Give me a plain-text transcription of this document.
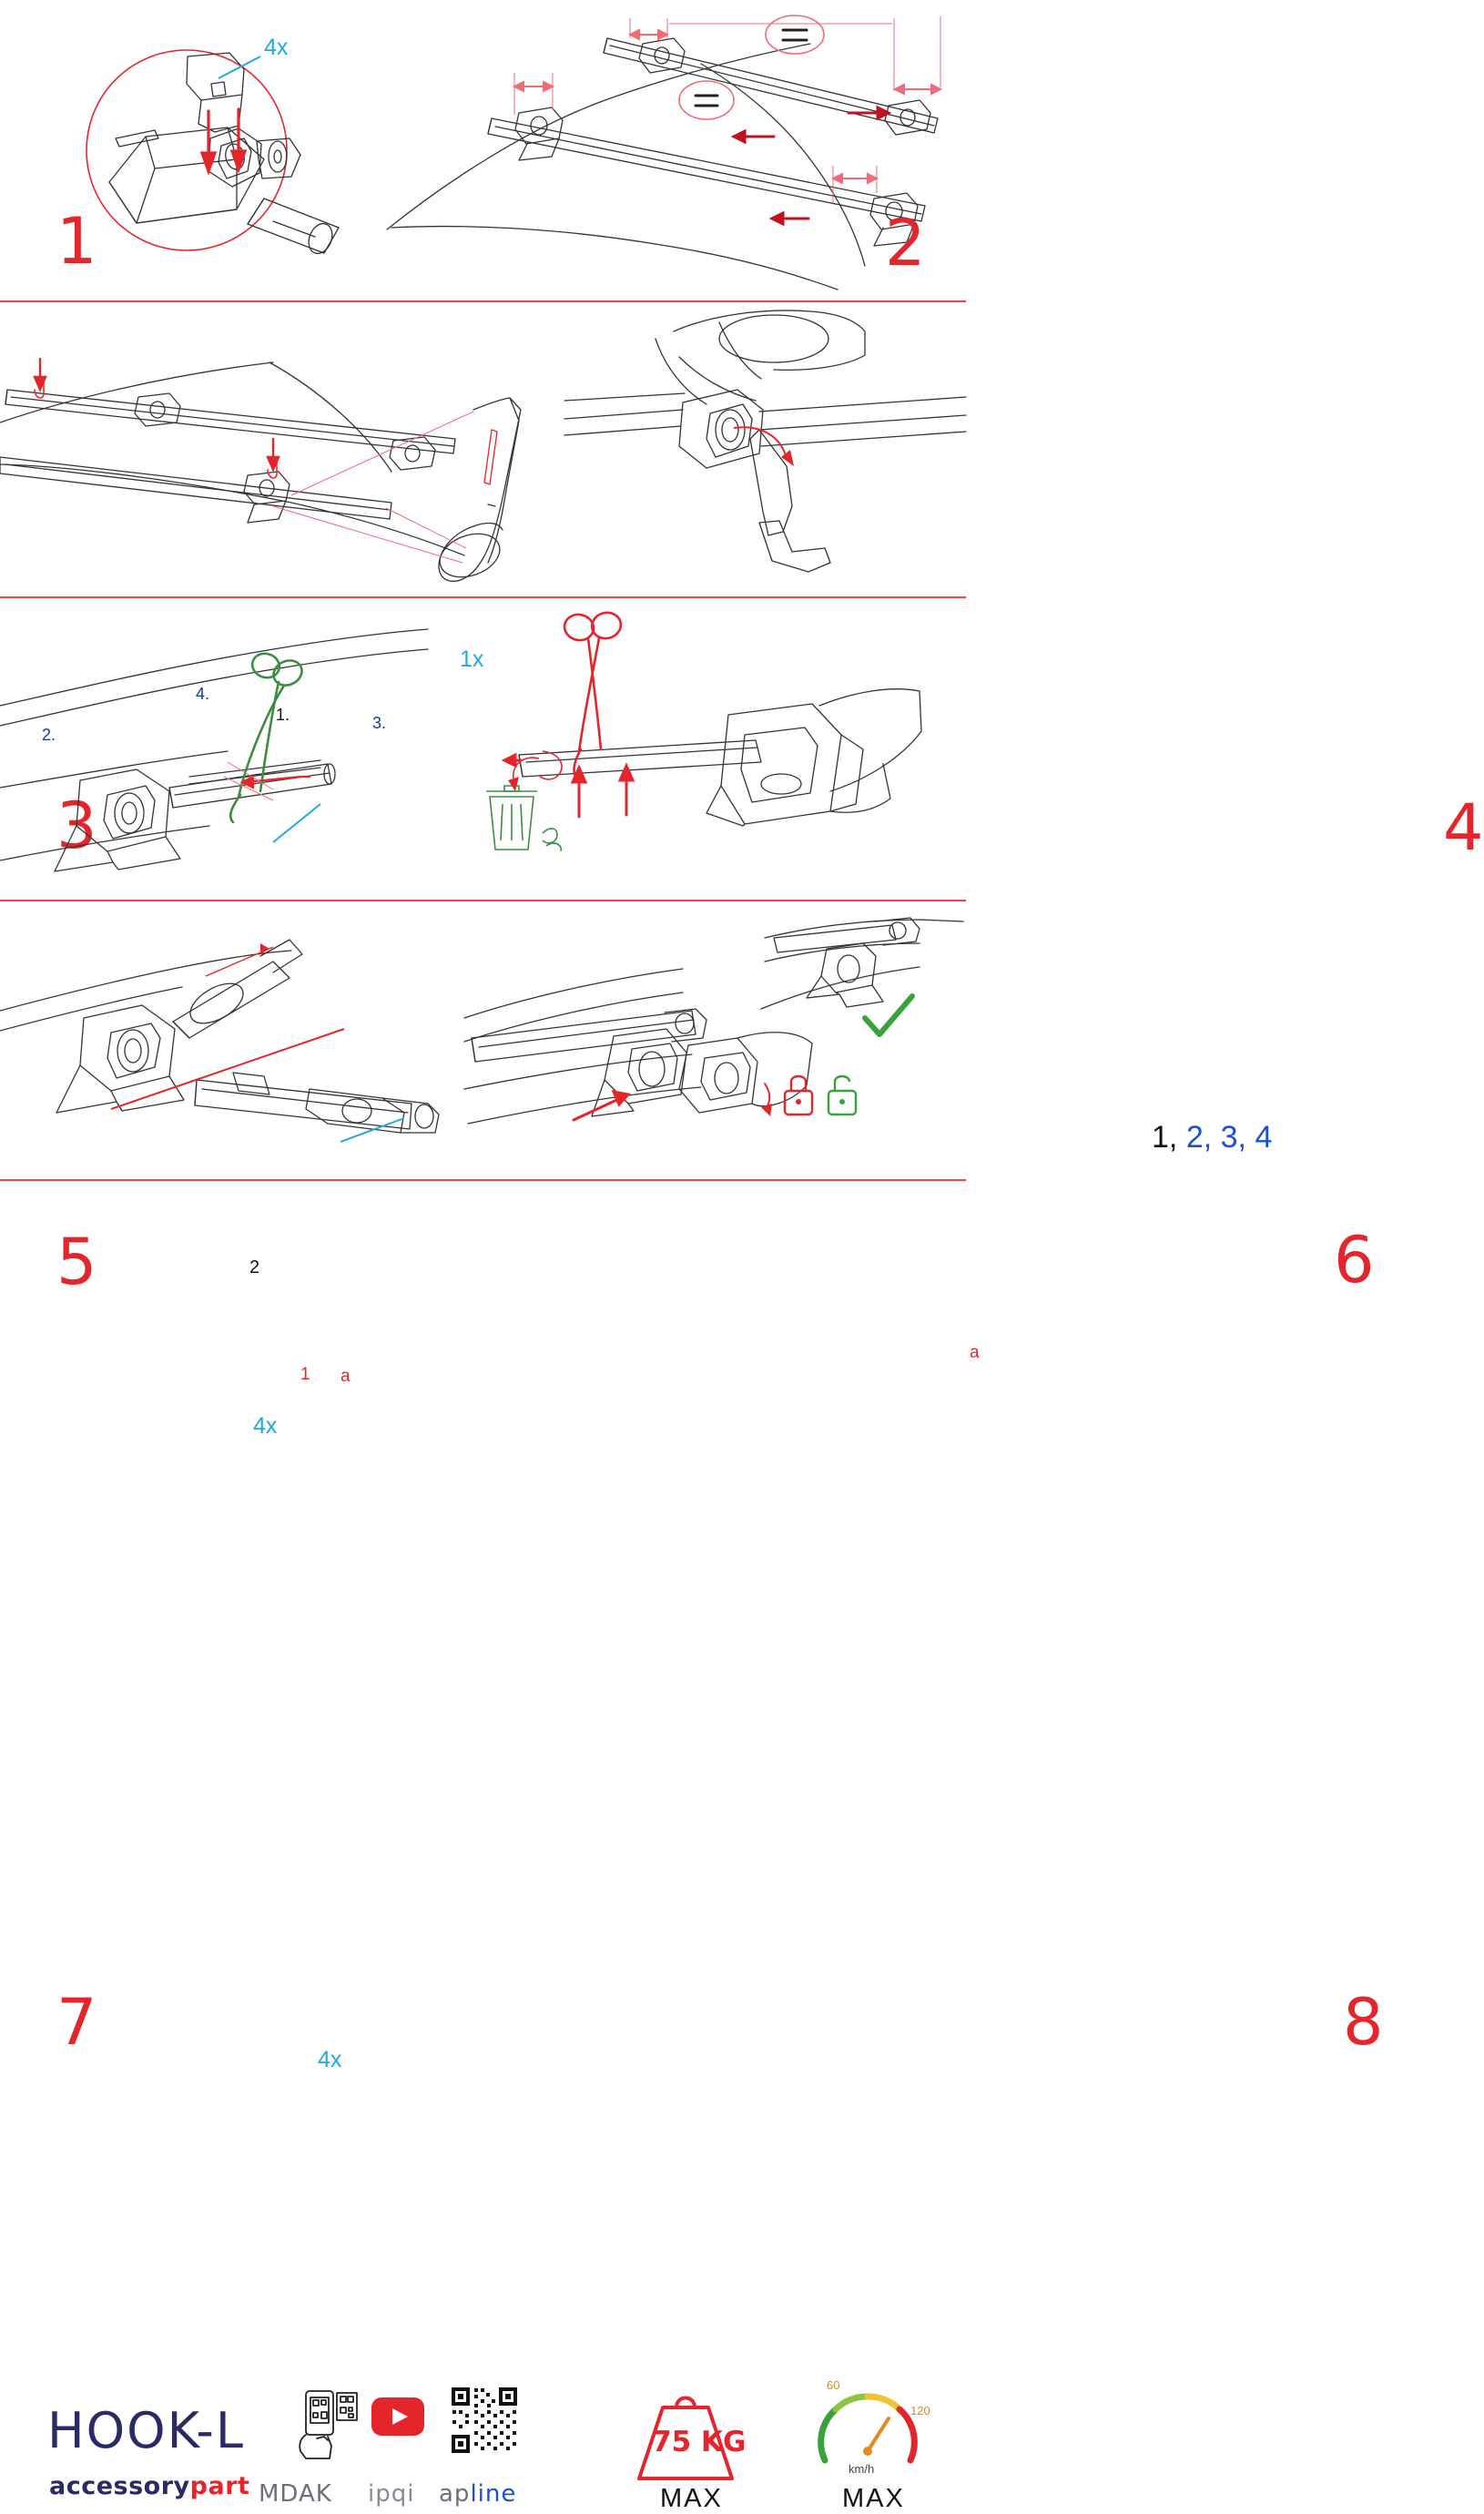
4x
1	2
1x
1.
2.
3.
4.
3
1, 2, 3, 4
4
5	2
1 a
4x
6
a
7	4x	8
HOOK-L
accessorypart MDAK ipqi apline
75 KG
MAX
60
120
km/h
MAX
